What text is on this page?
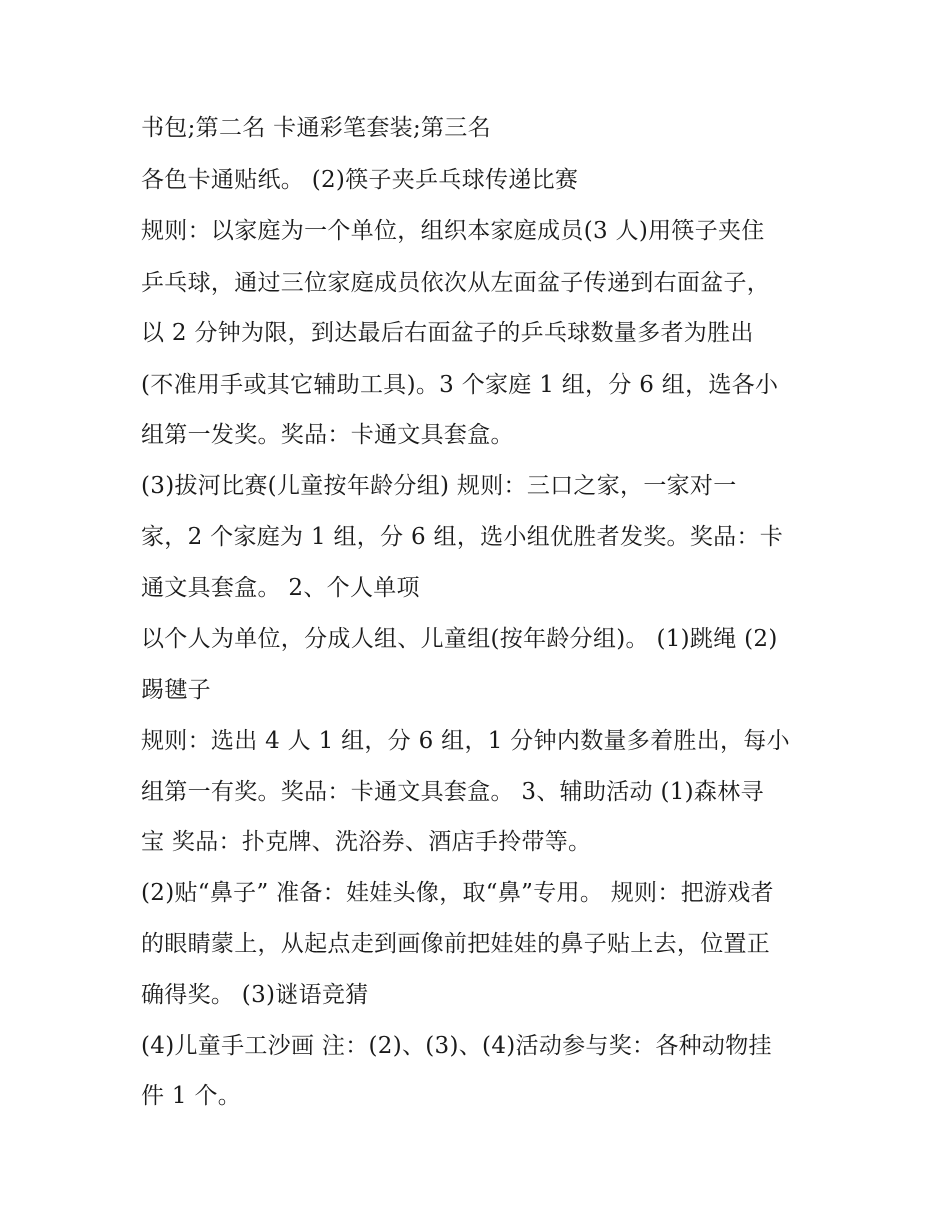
书包;第二名 卡通彩笔套装;第三名
各色卡通贴纸。 (2)筷子夹乒乓球传递比赛
规则：以家庭为一个单位，组织本家庭成员(3 人)用筷子夹住
乒乓球，通过三位家庭成员依次从左面盆子传递到右面盆子，
以 2 分钟为限，到达最后右面盆子的乒乓球数量多者为胜出
(不准用手或其它辅助工具)。3 个家庭 1 组，分 6 组，选各小
组第一发奖。奖品：卡通文具套盒。
(3)拔河比赛(儿童按年龄分组) 规则：三口之家，一家对一
家，2 个家庭为 1 组，分 6 组，选小组优胜者发奖。奖品：卡
通文具套盒。 2、个人单项
以个人为单位，分成人组、儿童组(按年龄分组)。 (1)跳绳 (2)
踢毽子
规则：选出 4 人 1 组，分 6 组，1 分钟内数量多着胜出，每小
组第一有奖。奖品：卡通文具套盒。 3、辅助活动 (1)森林寻
宝 奖品：扑克牌、洗浴券、酒店手拎带等。
(2)贴“鼻子” 准备：娃娃头像，取“鼻”专用。 规则：把游戏者
的眼睛蒙上，从起点走到画像前把娃娃的鼻子贴上去，位置正
确得奖。 (3)谜语竞猜
(4)儿童手工沙画 注：(2)、(3)、(4)活动参与奖：各种动物挂
件 1 个。
